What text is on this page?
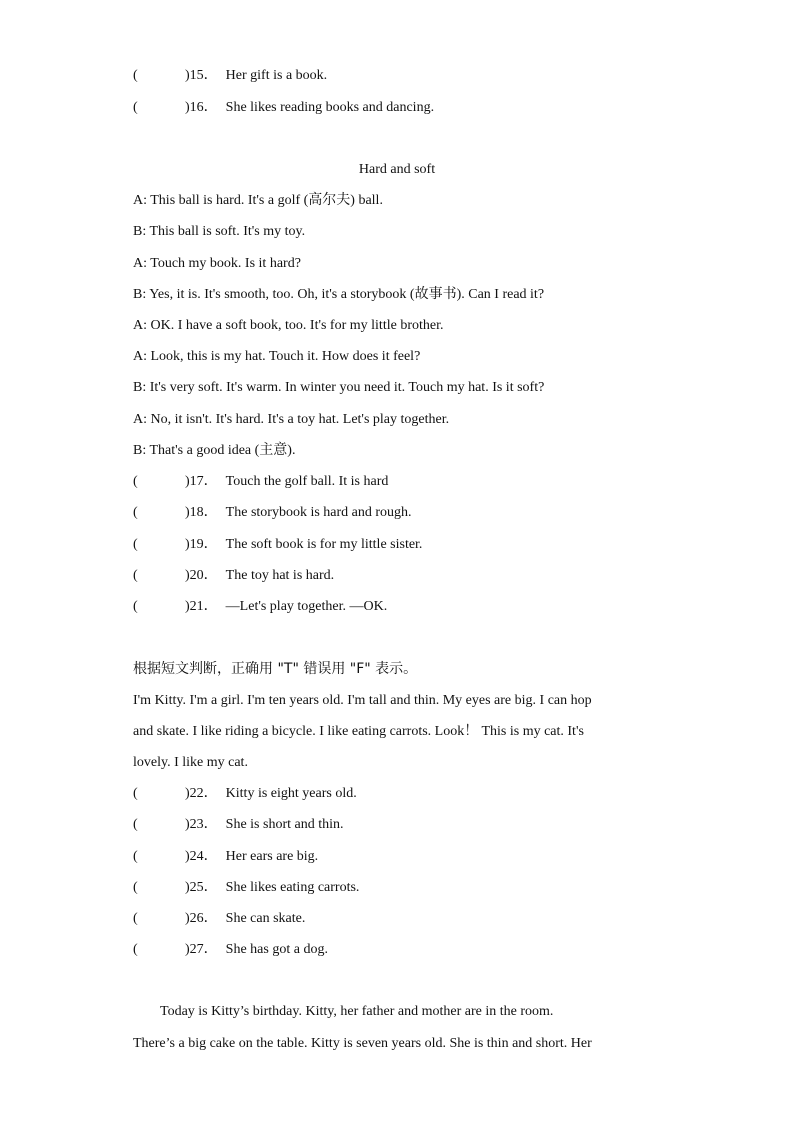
(	)15． Her gift is a book.
(	)16． She likes reading books and dancing.
Hard and soft
A: This ball is hard. It's a golf (高尔夫) ball.
B: This ball is soft. It's my toy.
A: Touch my book. Is it hard?
B: Yes, it is. It's smooth, too. Oh, it's a storybook (故事书). Can I read it?
A: OK. I have a soft book, too. It's for my little brother.
A: Look, this is my hat. Touch it. How does it feel?
B: It's very soft. It's warm. In winter you need it. Touch my hat. Is it soft?
A: No, it isn't. It's hard. It's a toy hat. Let's play together.
B: That's a good idea (主意).
(	)17． Touch the golf ball. It is hard
(	)18． The storybook is hard and rough.
(	)19． The soft book is for my little sister.
(	)20． The toy hat is hard.
(	)21． —Let's play together. —OK.
根据短文判断，正确用 "T" 错误用 "F" 表示。
I'm Kitty. I'm a girl. I'm ten years old. I'm tall and thin. My eyes are big. I can hop
and skate. I like riding a bicycle. I like eating carrots. Look！ This is my cat. It's
lovely. I like my cat.
(	)22． Kitty is eight years old.
(	)23． She is short and thin.
(	)24． Her ears are big.
(	)25． She likes eating carrots.
(	)26． She can skate.
(	)27． She has got a dog.
Today is Kitty’s birthday. Kitty, her father and mother are in the room.
There’s a big cake on the table. Kitty is seven years old. She is thin and short. Her
